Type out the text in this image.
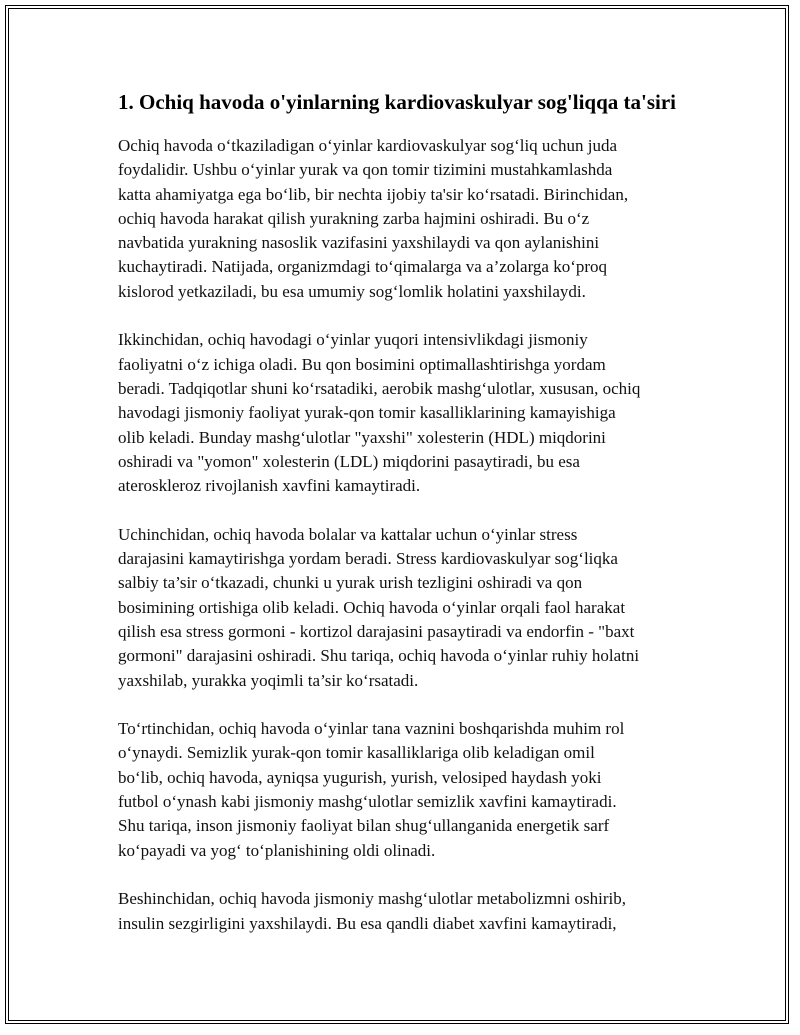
1. Ochiq havoda o'yinlarning kardiovaskulyar sog'liqqa ta'siri
Ochiq havoda oʻtkaziladigan oʻyinlar kardiovaskulyar sogʻliq uchun juda
foydalidir. Ushbu oʻyinlar yurak va qon tomir tizimini mustahkamlashda
katta ahamiyatga ega boʻlib, bir nechta ijobiy ta'sir koʻrsatadi. Birinchidan,
ochiq havoda harakat qilish yurakning zarba hajmini oshiradi. Bu oʻz
navbatida yurakning nasoslik vazifasini yaxshilaydi va qon aylanishini
kuchaytiradi. Natijada, organizmdagi toʻqimalarga va a’zolarga koʻproq
kislorod yetkaziladi, bu esa umumiy sogʻlomlik holatini yaxshilaydi.
Ikkinchidan, ochiq havodagi oʻyinlar yuqori intensivlikdagi jismoniy
faoliyatni oʻz ichiga oladi. Bu qon bosimini optimallashtirishga yordam
beradi. Tadqiqotlar shuni koʻrsatadiki, aerobik mashgʻulotlar, xususan, ochiq
havodagi jismoniy faoliyat yurak-qon tomir kasalliklarining kamayishiga
olib keladi. Bunday mashgʻulotlar "yaxshi" xolesterin (HDL) miqdorini
oshiradi va "yomon" xolesterin (LDL) miqdorini pasaytiradi, bu esa
ateroskleroz rivojlanish xavfini kamaytiradi.
Uchinchidan, ochiq havoda bolalar va kattalar uchun oʻyinlar stress
darajasini kamaytirishga yordam beradi. Stress kardiovaskulyar sogʻliqka
salbiy ta’sir oʻtkazadi, chunki u yurak urish tezligini oshiradi va qon
bosimining ortishiga olib keladi. Ochiq havoda oʻyinlar orqali faol harakat
qilish esa stress gormoni - kortizol darajasini pasaytiradi va endorfin - "baxt
gormoni" darajasini oshiradi. Shu tariqa, ochiq havoda oʻyinlar ruhiy holatni
yaxshilab, yurakka yoqimli ta’sir koʻrsatadi.
Toʻrtinchidan, ochiq havoda oʻyinlar tana vaznini boshqarishda muhim rol
oʻynaydi. Semizlik yurak-qon tomir kasalliklariga olib keladigan omil
boʻlib, ochiq havoda, ayniqsa yugurish, yurish, velosiped haydash yoki
futbol oʻynash kabi jismoniy mashgʻulotlar semizlik xavfini kamaytiradi.
Shu tariqa, inson jismoniy faoliyat bilan shugʻullanganida energetik sarf
koʻpayadi va yogʻ toʻplanishining oldi olinadi.
Beshinchidan, ochiq havoda jismoniy mashgʻulotlar metabolizmni oshirib,
insulin sezgirligini yaxshilaydi. Bu esa qandli diabet xavfini kamaytiradi,
